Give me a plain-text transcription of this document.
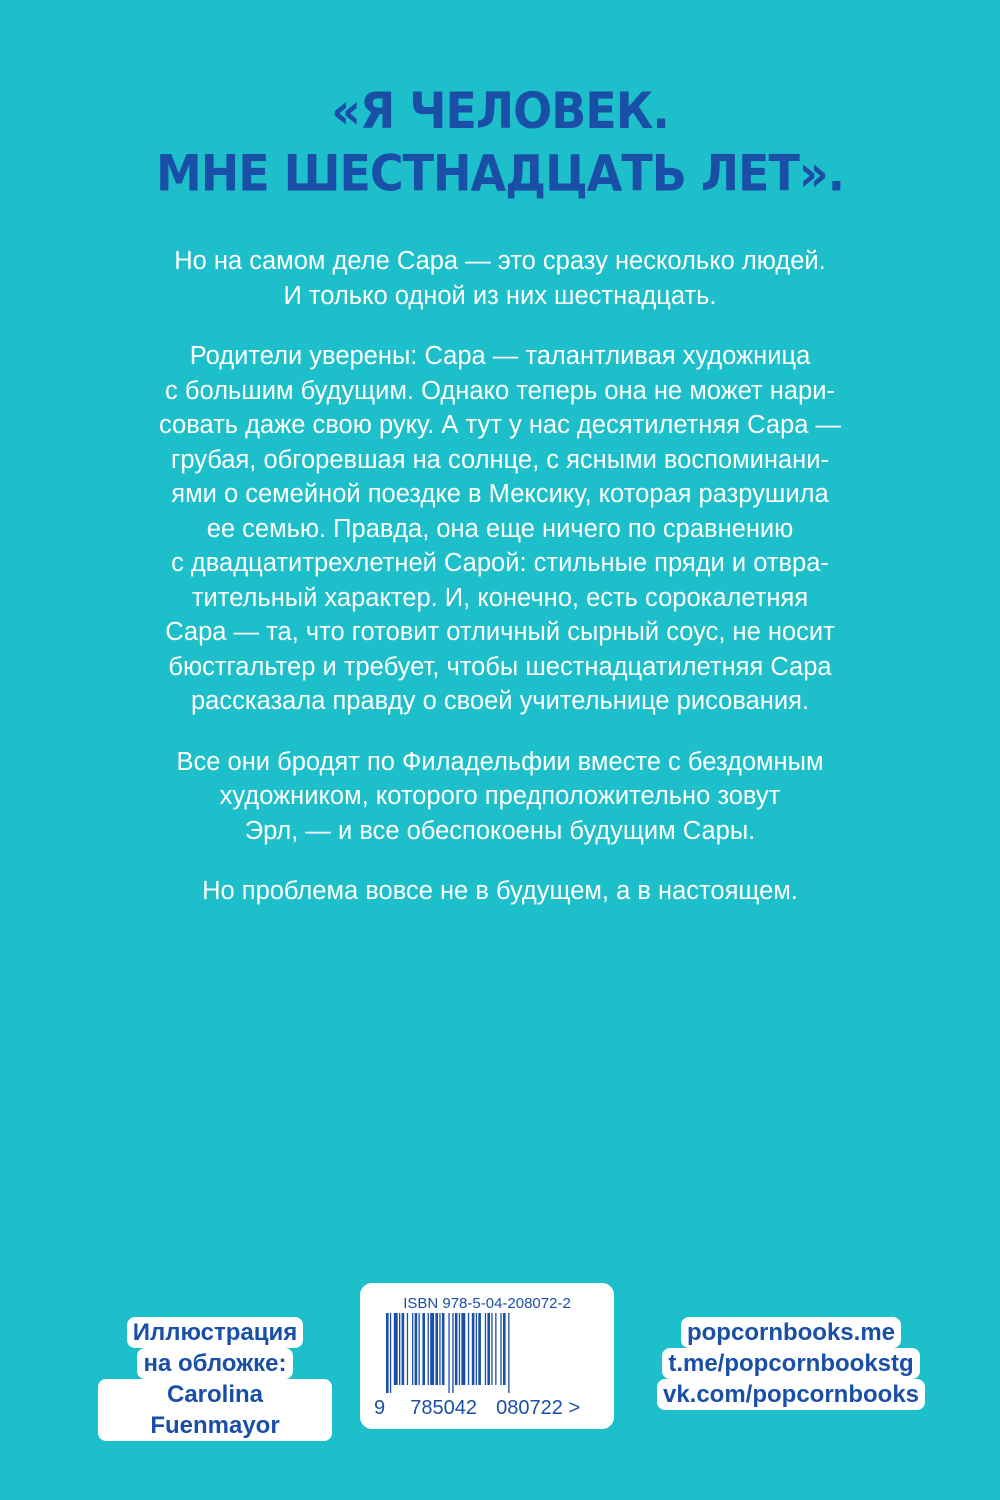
«Я ЧЕЛОВЕК.
МНЕ ШЕСТНАДЦАТЬ ЛЕТ».

Но на самом деле Сара — это сразу несколько людей.
И только одной из них шестнадцать.

Родители уверены: Сара — талантливая художница
с большим будущим. Однако теперь она не может нари-
совать даже свою руку. А тут у нас десятилетняя Сара —
грубая, обгоревшая на солнце, с ясными воспоминани-
ями о семейной поездке в Мексику, которая разрушила
ее семью. Правда, она еще ничего по сравнению
с двадцатитрехлетней Сарой: стильные пряди и отвра-
тительный характер. И, конечно, есть сорокалетняя
Сара — та, что готовит отличный сырный соус, не носит
бюстгальтер и требует, чтобы шестнадцатилетняя Сара
рассказала правду о своей учительнице рисования.

Все они бродят по Филадельфии вместе с бездомным
художником, которого предположительно зовут
Эрл, — и все обеспокоены будущим Сары.

Но проблема вовсе не в будущем, а в настоящем.

Иллюстрация
на обложке:
Carolina Fuenmayor
ISBN 978-5-04-208072-2
9 785042 080722 >
popcornbooks.me
t.me/popcornbookstg
vk.com/popcornbooks
